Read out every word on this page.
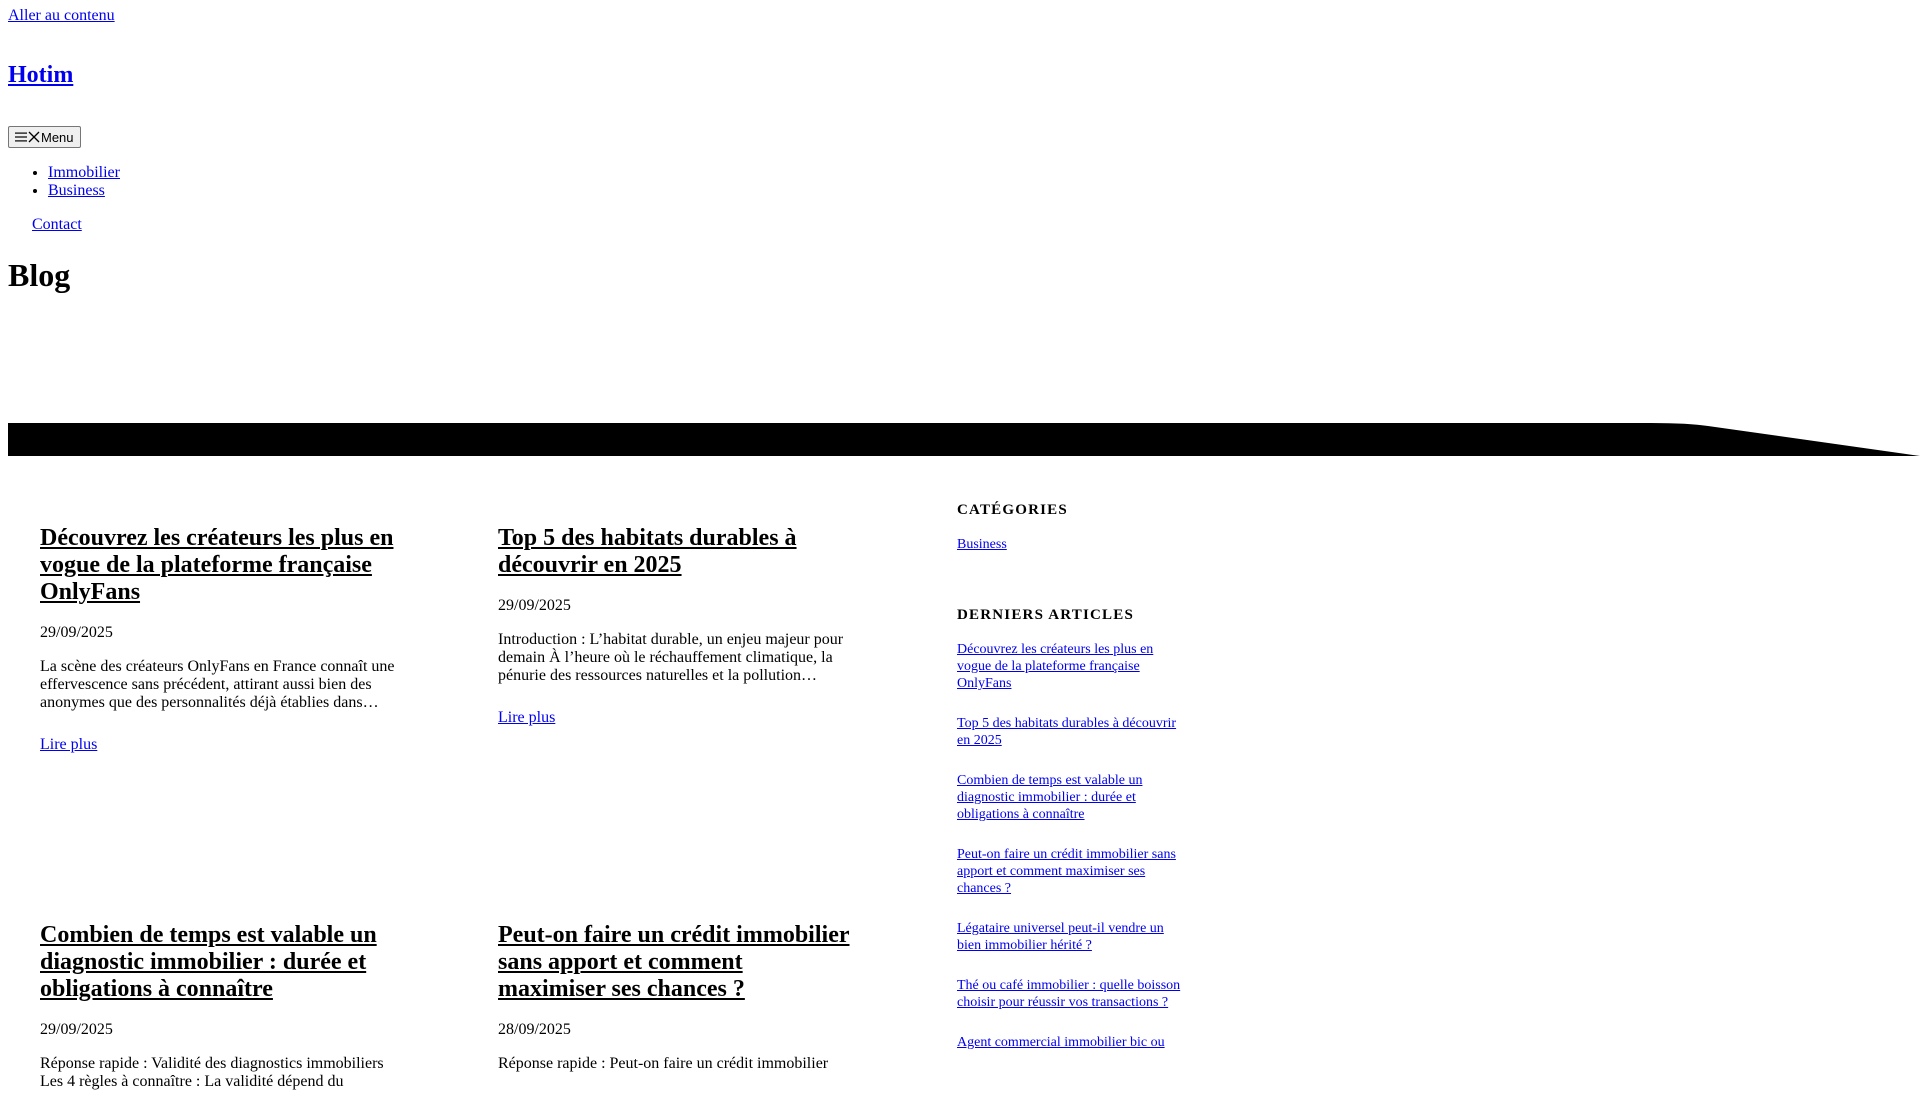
Aller au contenu
Hotim
Menu
• Immobilier
• Business
Contact
Blog
Découvrez les créateurs les plus en vogue de la plateforme française OnlyFans
29/09/2025
La scène des créateurs OnlyFans en France connaît une effervescence sans précédent, attirant aussi bien des anonymes que des personnalités déjà établies dans…
Lire plus
Top 5 des habitats durables à découvrir en 2025
29/09/2025
Introduction : L’habitat durable, un enjeu majeur pour demain À l’heure où le réchauffement climatique, la pénurie des ressources naturelles et la pollution…
Lire plus
Combien de temps est valable un diagnostic immobilier : durée et obligations à connaître
29/09/2025
Réponse rapide : Validité des diagnostics immobiliers Les 4 règles à connaître : La validité dépend du
Peut-on faire un crédit immobilier sans apport et comment maximiser ses chances ?
28/09/2025
Réponse rapide : Peut-on faire un crédit immobilier
CATÉGORIES
Business
DERNIERS ARTICLES
Découvrez les créateurs les plus en vogue de la plateforme française OnlyFans
Top 5 des habitats durables à découvrir en 2025
Combien de temps est valable un diagnostic immobilier : durée et obligations à connaître
Peut-on faire un crédit immobilier sans apport et comment maximiser ses chances ?
Légataire universel peut-il vendre un bien immobilier hérité ?
Thé ou café immobilier : quelle boisson choisir pour réussir vos transactions ?
Agent commercial immobilier bic ou
